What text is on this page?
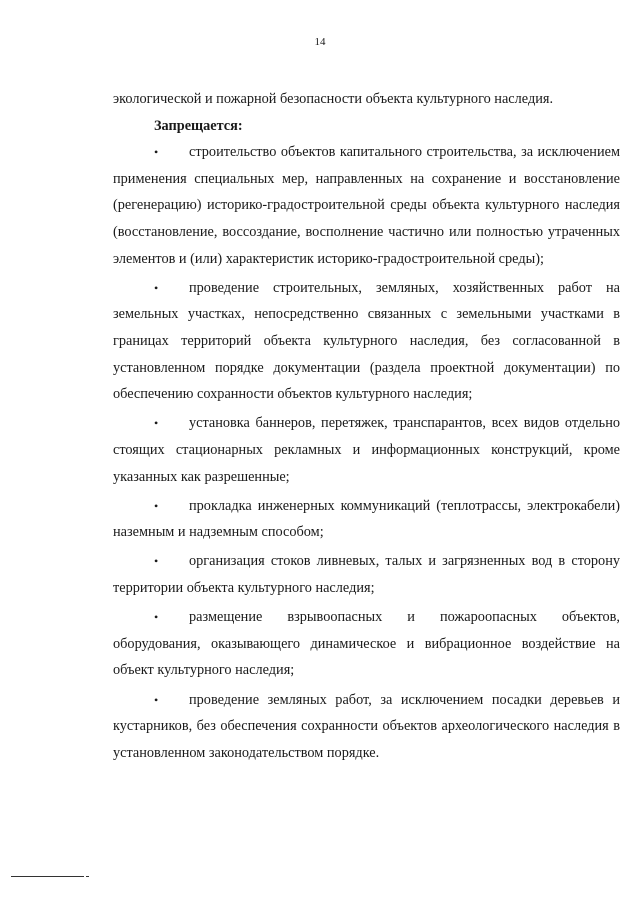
14

экологической и пожарной безопасности объекта культурного наследия.

Запрещается:

• строительство объектов капитального строительства, за исключением применения специальных мер, направленных на сохранение и восстановление (регенерацию) историко-градостроительной среды объекта культурного наследия (восстановление, воссоздание, восполнение частично или полностью утраченных элементов и (или) характеристик историко-градостроительной среды);

• проведение строительных, земляных, хозяйственных работ на земельных участках, непосредственно связанных с земельными участками в границах территорий объекта культурного наследия, без согласованной в установленном порядке документации (раздела проектной документации) по обеспечению сохранности объектов культурного наследия;

• установка баннеров, перетяжек, транспарантов, всех видов отдельно стоящих стационарных рекламных и информационных конструкций, кроме указанных как разрешенные;

• прокладка инженерных коммуникаций (теплотрассы, электрокабели) наземным и надземным способом;

• организация стоков ливневых, талых и загрязненных вод в сторону территории объекта культурного наследия;

• размещение взрывоопасных и пожароопасных объектов, оборудования, оказывающего динамическое и вибрационное воздействие на объект культурного наследия;

• проведение земляных работ, за исключением посадки деревьев и кустарников, без обеспечения сохранности объектов археологического наследия в установленном законодательством порядке.
